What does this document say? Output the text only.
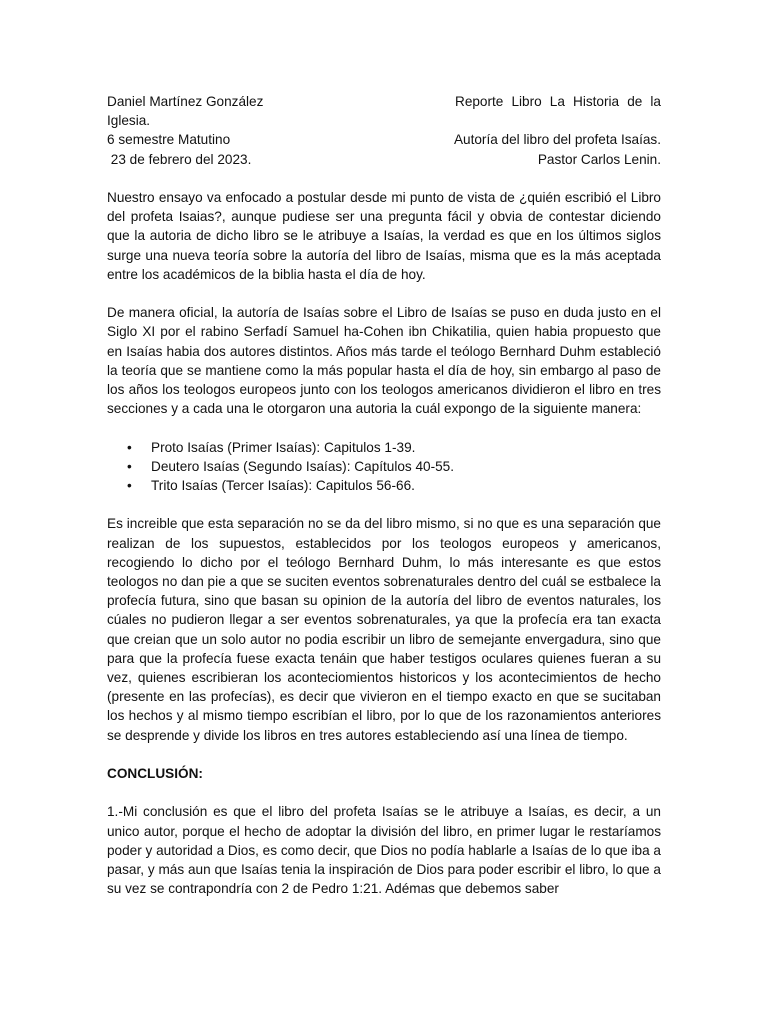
Daniel Martínez González	Reporte Libro La Historia de la
Iglesia.
6 semestre Matutino	Autoría del libro del profeta Isaías.
23 de febrero del 2023.	Pastor Carlos Lenin.

Nuestro ensayo va enfocado a postular desde mi punto de vista de ¿quién escribió el Libro del profeta Isaias?, aunque pudiese ser una pregunta fácil y obvia de contestar diciendo que la autoria de dicho libro se le atribuye a Isaías, la verdad es que en los últimos siglos surge una nueva teoría sobre la autoría del libro de Isaías, misma que es la más aceptada entre los académicos de la biblia hasta el día de hoy.

De manera oficial, la autoría de Isaías sobre el Libro de Isaías se puso en duda justo en el Siglo XI por el rabino Serfadí Samuel ha-Cohen ibn Chikatilia, quien habia propuesto que en Isaías habia dos autores distintos. Años más tarde el teólogo Bernhard Duhm estableció la teoría que se mantiene como la más popular hasta el día de hoy, sin embargo al paso de los años los teologos europeos junto con los teologos americanos dividieron el libro en tres secciones y a cada una le otorgaron una autoria la cuál expongo de la siguiente manera:

• Proto Isaías (Primer Isaías): Capitulos 1-39.
• Deutero Isaías (Segundo Isaías): Capítulos 40-55.
• Trito Isaías (Tercer Isaías): Capitulos 56-66.

Es increible que esta separación no se da del libro mismo, si no que es una separación que realizan de los supuestos, establecidos por los teologos europeos y americanos, recogiendo lo dicho por el teólogo Bernhard Duhm, lo más interesante es que estos teologos no dan pie a que se suciten eventos sobrenaturales dentro del cuál se estbalece la profecía futura, sino que basan su opinion de la autoría del libro de eventos naturales, los cúales no pudieron llegar a ser eventos sobrenaturales, ya que la profecía era tan exacta que creian que un solo autor no podia escribir un libro de semejante envergadura, sino que para que la profecía fuese exacta tenáin que haber testigos oculares quienes fueran a su vez, quienes escribieran los aconteciomientos historicos y los acontecimientos de hecho (presente en las profecías), es decir que vivieron en el tiempo exacto en que se sucitaban los hechos y al mismo tiempo escribían el libro, por lo que de los razonamientos anteriores se desprende y divide los libros en tres autores estableciendo así una línea de tiempo.

CONCLUSIÓN:

1.-Mi conclusión es que el libro del profeta Isaías se le atribuye a Isaías, es decir, a un unico autor, porque el hecho de adoptar la división del libro, en primer lugar le restaríamos poder y autoridad a Dios, es como decir, que Dios no podía hablarle a Isaías de lo que iba a pasar, y más aun que Isaías tenia la inspiración de Dios para poder escribir el libro, lo que a su vez se contrapondría con 2 de Pedro 1:21. Adémas que debemos saber
